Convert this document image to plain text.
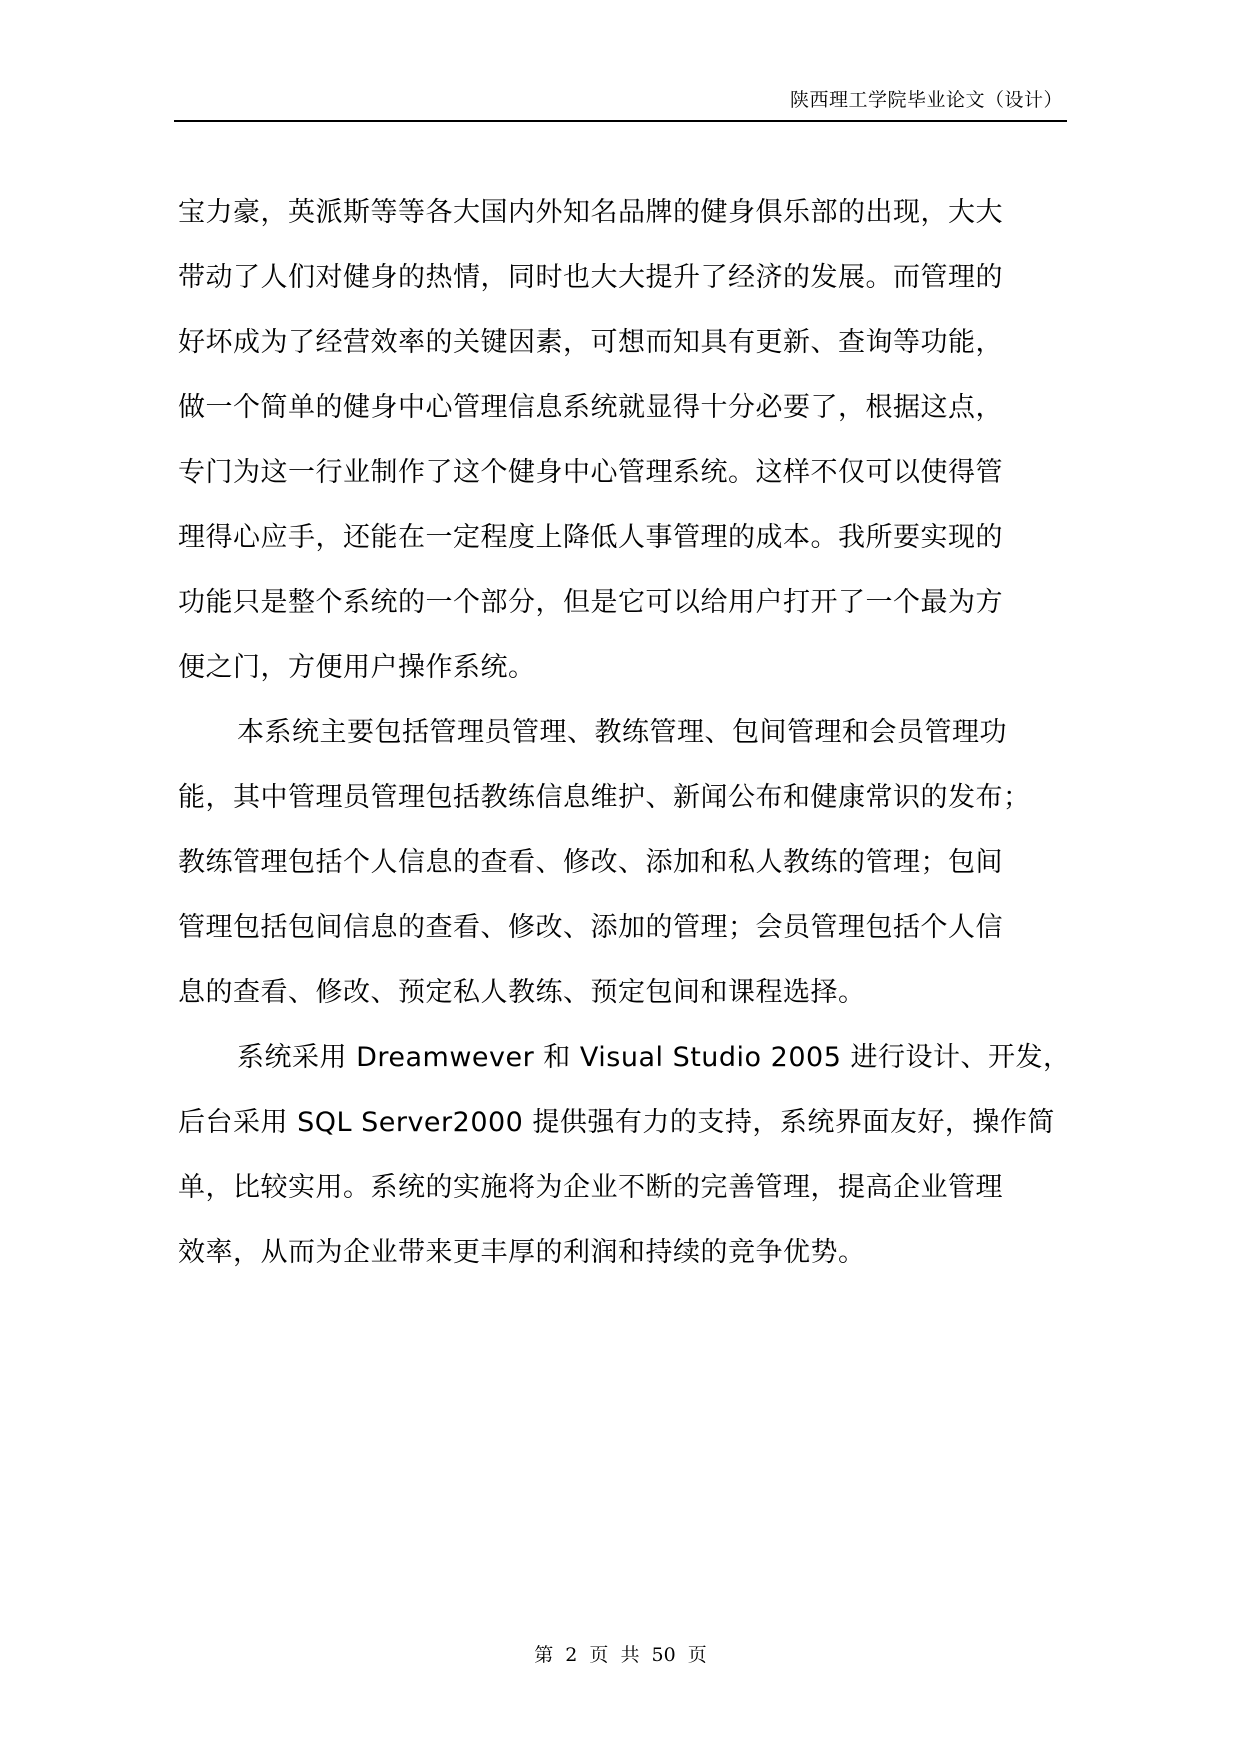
陕西理工学院毕业论文（设计）
宝力豪，英派斯等等各大国内外知名品牌的健身俱乐部的出现，大大
带动了人们对健身的热情，同时也大大提升了经济的发展。而管理的
好坏成为了经营效率的关键因素，可想而知具有更新、查询等功能，
做一个简单的健身中心管理信息系统就显得十分必要了，根据这点，
专门为这一行业制作了这个健身中心管理系统。这样不仅可以使得管
理得心应手，还能在一定程度上降低人事管理的成本。我所要实现的
功能只是整个系统的一个部分，但是它可以给用户打开了一个最为方
便之门，方便用户操作系统。
本系统主要包括管理员管理、教练管理、包间管理和会员管理功
能，其中管理员管理包括教练信息维护、新闻公布和健康常识的发布；
教练管理包括个人信息的查看、修改、添加和私人教练的管理；包间
管理包括包间信息的查看、修改、添加的管理；会员管理包括个人信
息的查看、修改、预定私人教练、预定包间和课程选择。
系统采用 Dreamwever 和 Visual Studio 2005 进行设计、开发，
后台采用 SQL Server2000 提供强有力的支持，系统界面友好，操作简
单，比较实用。系统的实施将为企业不断的完善管理，提高企业管理
效率，从而为企业带来更丰厚的利润和持续的竞争优势。
第 2 页 共 50 页
